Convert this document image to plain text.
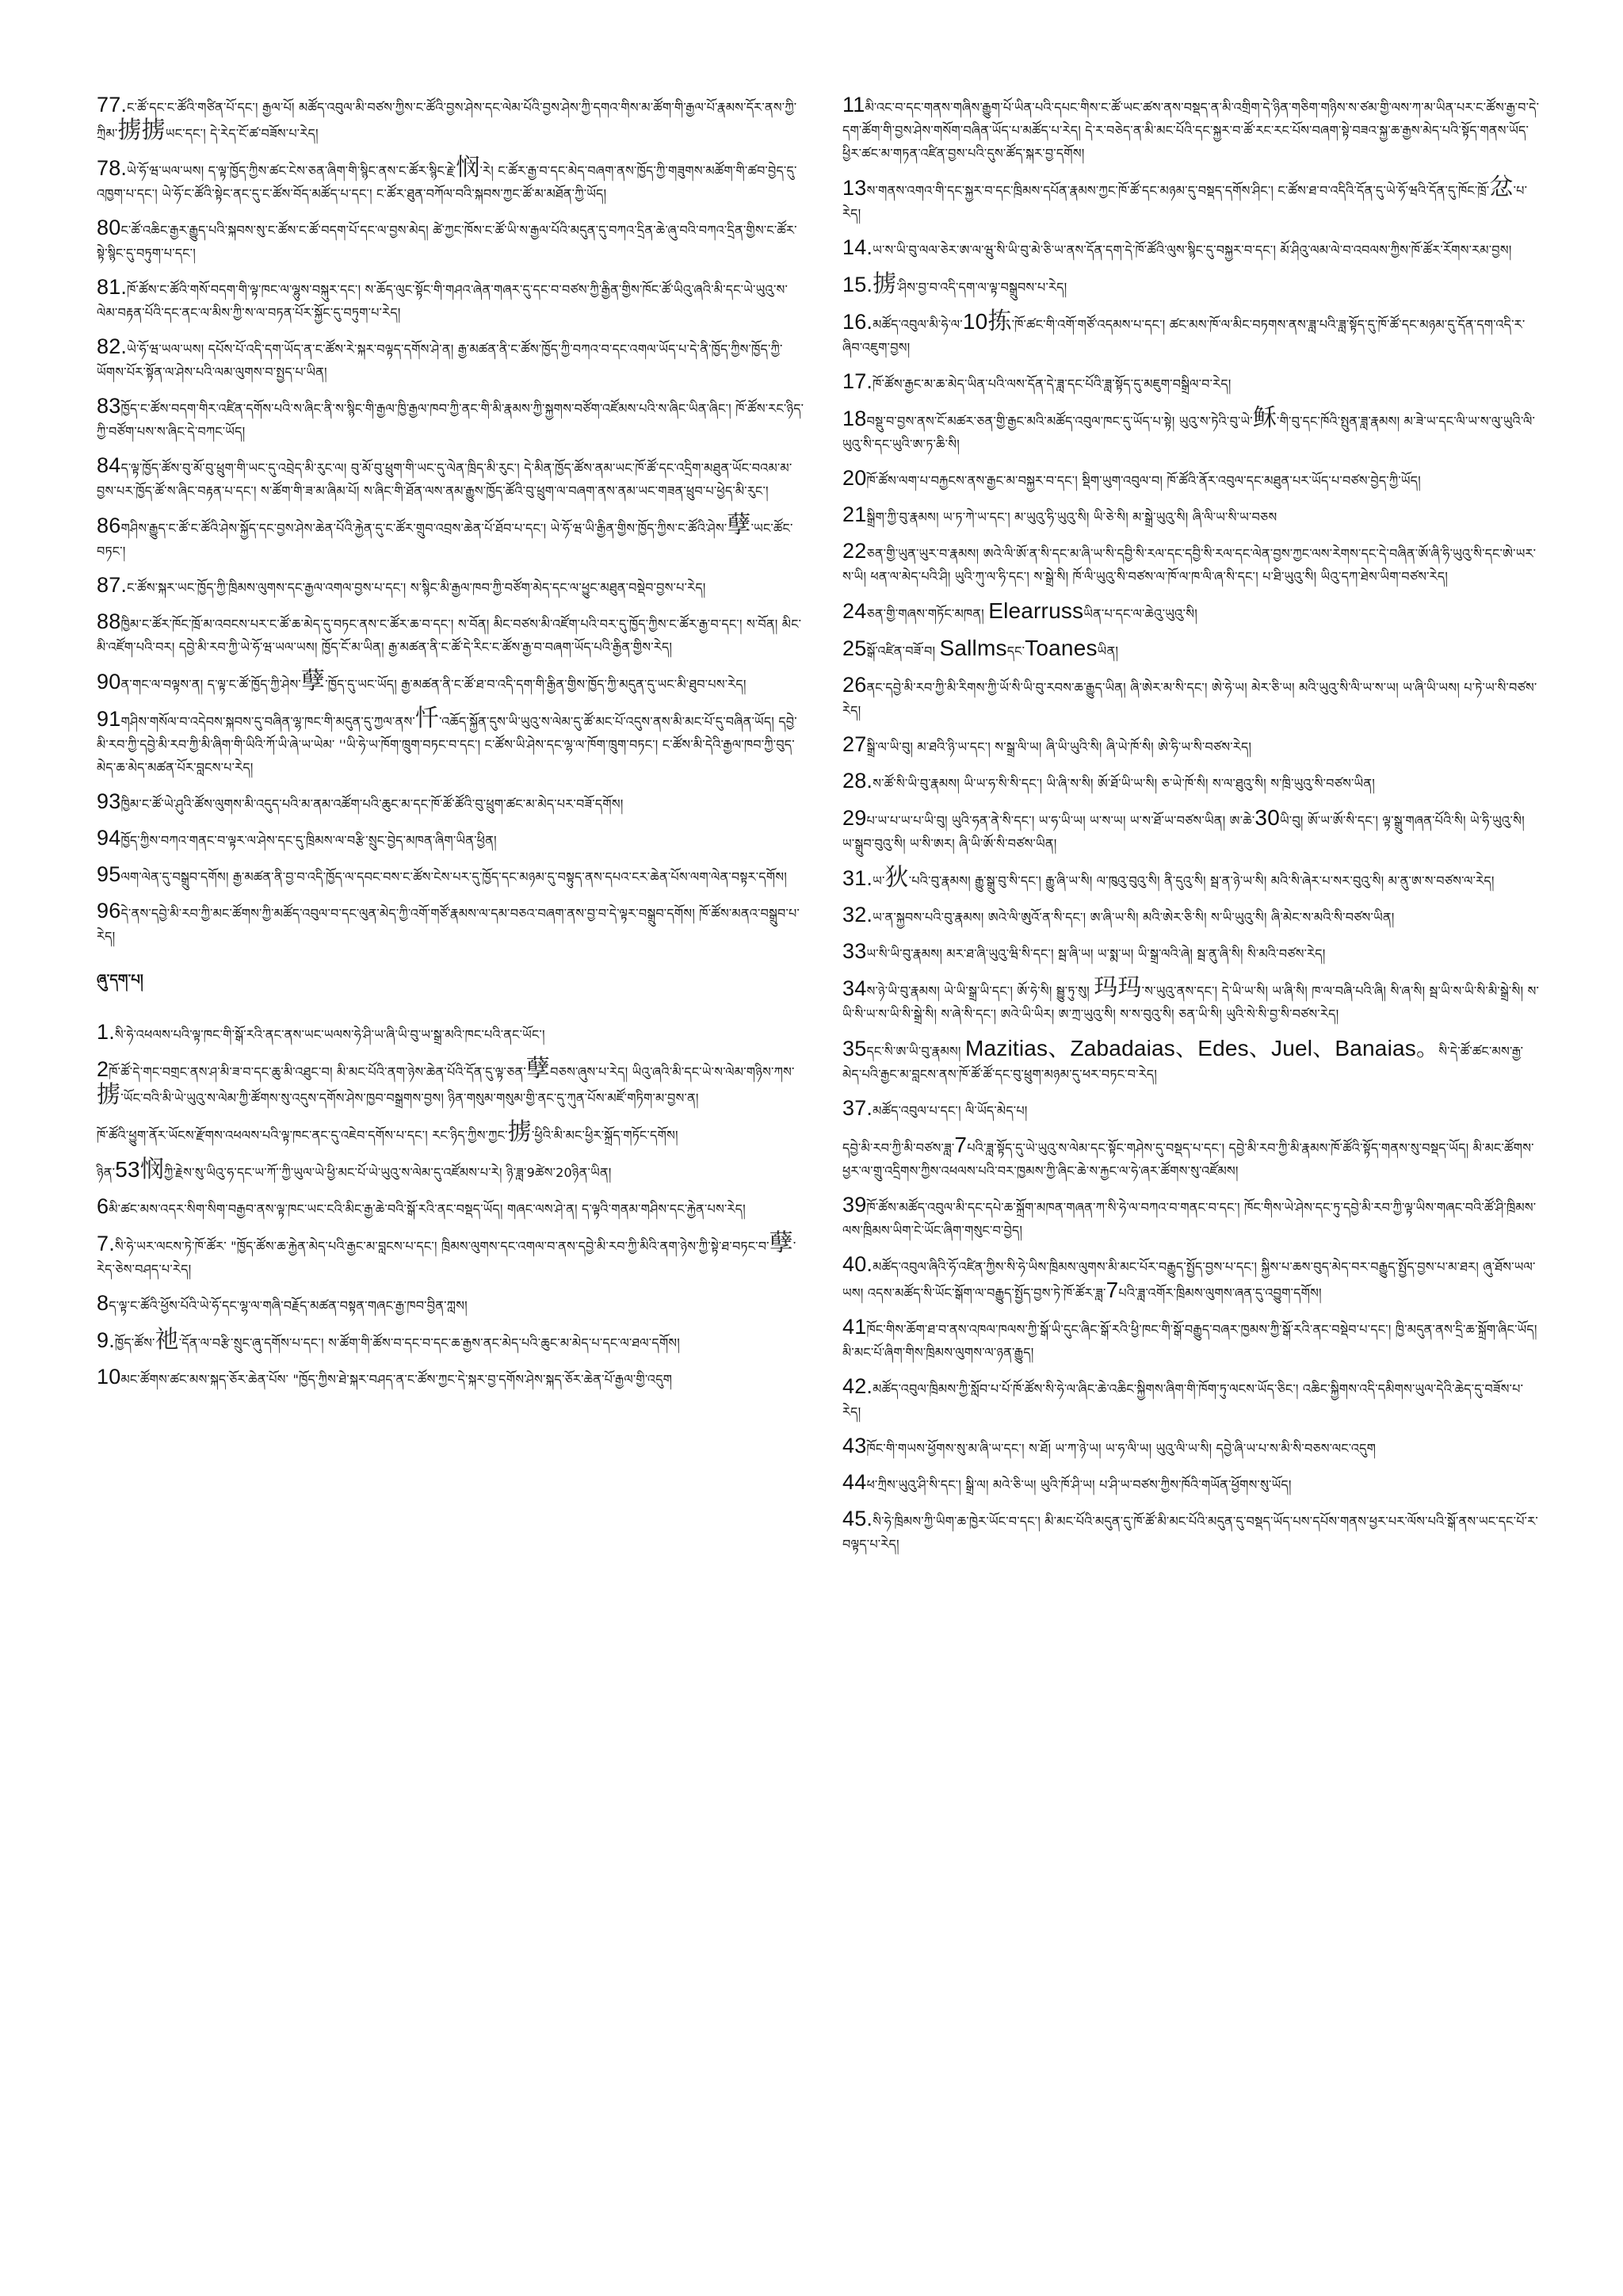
77.ང་ཚོ་དང་ང་ཚོའི་གཙིན་པོ་དང་། རྒྱལ་པོ། མཚོད་འབུལ་མི་བཙས་ཀྱིས་ང་ཚོའི་བྱས་ཤེས་དང་ལེམ་པོའི་བྱས་ཤེས་ཀྱི་དགའ་གིས་མ་ཚོག་གི་རྒྱལ་པོ་རྣམས་དོར་ནས་ཀྱི་ཀྲིམ་掳掳ཡང་དང་། དེ་རེད་ངོ་ཚ་བཟོས་པ་རེད།

78.ཡེ་ཧོ་ཝ་ཡལ་ཡས། ད་ལྟ་ཁྱོད་ཀྱིས་ཚང་ངེས་ཅན་ཞིག་གི་སྙིང་ནས་ང་ཚོར་སྙིང་རྗེ་悯་རེ། ང་ཚོར་རྒྱ་བ་དང་མེད་བཞག་ནས་ཁྱོད་ཀྱི་གཟུགས་མཚོག་གི་ཚབ་བྱེད་དུ་འཁྱག་པ་དང་། ཡེ་ཧོ་ང་ཚོའི་སྟེང་ནང་དུ་ང་ཚོས་བོད་མཚོད་པ་དང་། ང་ཚོར་ཐུན་བཀོལ་བའི་སྐབས་ཀྱང་ཚོ་མ་མཐོན་ཀྱི་ཡོད།

80ང་ཚོ་འཆིང་རྒྱར་རྒྱུད་པའི་སྐབས་སུ་ང་ཚོས་ང་ཚོ་བདག་པོ་དང་ལ་བྱས་མེད། ཚེ་ཀྱང་ཁོས་ང་ཚོ་ཡི་ས་རྒྱལ་པོའི་མདུན་དུ་བཀའ་དྲིན་ཆེ་ཞུ་བའི་བཀའ་དྲིན་གྱིས་ང་ཚོར་སྟེ་སྙིང་དུ་བཏུག་པ་དང་།

81.ཁོ་ཚོས་ང་ཚོའི་གསོ་བདག་གི་ལྟ་ཁང་ལ་ལྷུས་བསྐུར་དང་། ས་ཆོད་ལུང་སྟོང་གི་གཤའ་ཞེན་གཞར་དུ་དང་བ་བཙས་ཀྱི་རྒྱིན་གྱིས་ཁོང་ཚོ་ཡིའུ་ཞའི་མི་དང་ཡེ་ཡུའུ་ས་ལེམ་བརྟན་པོའི་དང་ནང་ལ་མིས་ཀྱི་ས་ལ་བཏན་པོར་སྐྱོང་དུ་བཏུག་པ་རེད།

82.ཡེ་ཧོ་ཝ་ཡལ་ཡས། དཔོས་པོ་འདི་དག་ཡོད་ན་ང་ཚོས་རེ་སྐར་བལྟད་དགོས་ཤེ་ན། རྒྱ་མཚན་ནི་ང་ཚོས་ཁྱོད་ཀྱི་བཀའ་བ་དང་འགལ་ཡོད་པ་དེ་ནི་ཁྱོད་ཀྱིས་ཁྱོད་ཀྱི་ཡོགས་པོར་སྟོན་ལ་ཤེས་པའི་ལམ་ལུགས་བ་སྤྱད་པ་ཡིན།

83ཁྱོད་ང་ཚོས་བདག་གིར་འཛིན་དགོས་པའི་ས་ཞིང་ནི་ས་སྙིང་གི་རྒྱལ་ཁྱི་རྒྱལ་ཁབ་ཀྱི་ནང་གི་མི་རྣམས་ཀྱི་སྐྱགས་བཙོག་འཛོམས་པའི་ས་ཞིང་ཡིན་ཞིང་། ཁོ་ཚོས་རང་ཉིད་ཀྱི་བཙོག་པས་ས་ཞིང་དེ་བཀང་ཡོད།

84ད་ལྟ་ཁྱོད་ཚོས་བུ་མོ་བུ་ཕྲུག་གི་ཡང་དུ་འབྲེད་མི་རུང་ལ། བུ་མོ་བུ་ཕྲུག་གི་ཡང་དུ་ལེན་ཁྲིད་མི་རུང་། དེ་མིན་ཁྱོད་ཚོས་ནམ་ཡང་ཁོ་ཚོ་དང་འདྲིག་མཐུན་ཡོང་བའམ་མ་བྱས་པར་ཁྱོད་ཚོ་ས་ཞིང་བརྟན་པ་དང་། ས་ཚོག་གི་ཟ་མ་ཞིམ་པོ། ས་ཞིང་གི་ཐོན་ལས་ནམ་རྒྱུས་ཁྱོད་ཚོའི་བུ་ཕྲུག་ལ་བཞག་ནས་ནམ་ཡང་གཟན་ཕྲུབ་པ་ཕྱེད་མི་རུང་།

86གཤིས་རྒྱུད་ང་ཚོ་ང་ཚོའི་ཤེས་སྐྱོད་དང་བྱས་ཤེས་ཆེན་པོའི་རྐྱེན་དུ་ང་ཚོར་གྲུབ་འབྲས་ཆེན་པོ་ཐོབ་པ་དང་། ཡེ་ཧོ་ཝ་ཡི་རྒྱིན་གྱིས་ཁྱོད་ཀྱིས་ང་ཚོའི་ཤེས་孽་ཡང་ཚོང་བཏང་།

87.ང་ཚོས་སྐར་ཡང་ཁྱོད་ཀྱི་ཁྲིམས་ལུགས་དང་རྒྱལ་འགལ་བྱས་པ་དང་། ས་སྙིང་མི་རྒྱལ་ཁབ་ཀྱི་བཙོག་མེད་དང་ལ་ཕྱུང་མཐུན་བསྡེབ་བྱས་པ་རེད།

88ཁྱིམ་ང་ཚོར་ཁོང་ཁྲོ་མ་འབངས་པར་ང་ཚོ་ཆ་མེད་དུ་བཏང་ནས་ང་ཚོར་ཆ་བ་དང་། ས་བོན། མིང་བཙས་མི་འཛོག་པའི་བར་དུ་ཁྱོད་ཀྱིས་ང་ཚོར་རྒྱ་བ་དང་། ས་བོན། མིང་མི་འཛོག་པའི་བར། དབྱེ་མི་རབ་ཀྱི་ཡེ་ཧོ་ཝ་ཡལ་ཡས། ཁྱོད་ངོ་མ་ཡིན། རྒྱ་མཚན་ནི་ང་ཚོ་དེ་རིང་ང་ཚོས་རྒྱ་བ་བཞག་ཡོད་པའི་རྒྱིན་གྱིས་རེད།

90ན་གང་ལ་བལྟས་ན། ད་ལྟ་ང་ཚོ་ཁྱོད་ཀྱི་ཤེས་孽་ཁྱོད་དུ་ཡང་ཡོད། རྒྱ་མཚན་ནི་ང་ཚོ་ཐ་བ་འདི་དག་གི་རྒྱིན་གྱིས་ཁྱོད་ཀྱི་མདུན་དུ་ཡང་མི་ཐུབ་པས་རེད།

91གཤིས་གསོལ་བ་འདེབས་སྐབས་དུ་བཞིན་ལྷ་ཁང་གི་མདུན་དུ་ཀྱལ་ནས་忏་འཆོད་སྐྱོན་དུས་ཡི་ཡུའུ་ས་ལེམ་དུ་ཚོ་མང་པོ་འདུས་ནས་མི་མང་པོ་དུ་བཞིན་ཡོད། དབྱེ་མི་རབ་ཀྱི་དབྱེ་མི་རབ་ཀྱི་མི་ཞིག་གི་ཡིའི་ཀོ་ཡི་ཞེ་ཡ་ཡེམ་ ''ཡི་ཧེ་ཡ་ཁོག་ཁྲུག་བཏང་བ་དང་། ང་ཚོས་ཡི་ཤེས་དང་ལྷ་ལ་ཁོག་ཁྲུག་བཏང་། ང་ཚོས་མི་དེའི་རྒྱལ་ཁབ་ཀྱི་བུད་མེད་ཆ་མེད་མཚན་པོར་བླངས་པ་རེད།

93ཁྱིམ་ང་ཚོ་ཡེ་ཤུའི་ཚོས་ལུགས་མི་འདུད་པའི་མ་ནམ་འཚོག་པའི་ཆུང་མ་དང་ཁོ་ཚོ་ཚོའི་བུ་ཕྲུག་ཚང་མ་མེད་པར་བཟོ་དགོས།

94ཁྱོད་ཀྱིས་བཀའ་གནང་བ་ལྟར་ལ་ཤེས་དང་དུ་ཁྲིམས་ལ་བརྩི་སྲུང་བྱེད་མཁན་ཞིག་ཡིན་ཕྱིན།

95ལག་ལེན་དུ་བསྒྲུབ་དགོས། རྒྱ་མཚན་ནི་བྱ་བ་འདི་ཁྱོད་ལ་དབང་བས་ང་ཚོས་ངེས་པར་དུ་ཁྱོད་དང་མཉམ་དུ་བསྟུད་ནས་དཔའ་ངར་ཆེན་པོས་ལག་ལེན་བསྟར་དགོས།

96དེ་ནས་དབྱེ་མི་རབ་ཀྱི་མང་ཚོགས་ཀྱི་མཚོད་འབུལ་བ་དང་ལུན་མེད་ཀྱི་འགོ་གཙོ་རྣམས་ལ་དམ་བཅའ་བཞག་ནས་བྱ་བ་དེ་ལྟར་བསྒྲུབ་དགོས། ཁོ་ཚོས་མནའ་བསྒྲུབ་པ་རེད།

ཞུ་དག་པ།

1.སི་ཧེ་འཕལས་པའི་ལྟ་ཁང་གི་སྒོ་རའི་ནང་ནས་ཡང་ཡལས་ཧེ་ཤི་ཡ་ཞི་ཡི་བུ་ཡ་སྒྲ་མའི་ཁང་པའི་ནང་ཡོང་།

2ཁོ་ཚོ་དེ་གང་བགྲང་ནས་ཤ་མི་ཟ་བ་དང་ཆུ་མི་འཐུང་བ། མི་མང་པོའི་ནག་ཉེས་ཆེན་པོའི་དོན་དུ་ལྟ་ཅན་孽བཅས་ཞུས་པ་རེད། ཡིའུ་ཞའི་མི་དང་ཡེ་ས་ལེམ་གཉིས་ཀས་掳་ཡོང་བའི་མི་ཡེ་ཡུའུ་ས་ལེམ་ཀྱི་ཚོགས་སུ་འདུས་དགོས་ཤེས་ཁྱབ་བསྒྲགས་བྱས། ཉིན་གསུམ་གསུམ་གྱི་ནང་དུ་ཀུན་པོས་མཛོ་གཏིག་མ་བྱས་ན།

ཁོ་ཚོའི་ཕྱུག་ནོར་ཡོངས་རྫོགས་འཕལས་པའི་ལྟ་ཁང་ནང་དུ་འཇེབ་དགོས་པ་དང་། རང་ཉིད་ཀྱིས་ཀྱང་掳་ཕྱིའི་མི་མང་ཕྱིར་སྐྲོད་གཏོང་དགོས།

ཉིན་53悯ཀྱི་རྗེས་སུ་ཡིའུ་ཧ་དང་ཡ་ཀོ་་ཀྱི་ཡུལ་ཡེ་ཕྱི་མང་པོ་ཡེ་ཡུའུ་ས་ལེམ་དུ་འཛོམས་པ་རེ། ཉི་ཟླ་9ཚེས་20ཉིན་ཡིན།

6མི་ཚང་མས་འདར་སིག་སིག་བརྒྱབ་ནས་ལྟ་ཁང་ཡང་ངའི་མིང་རྒྱ་ཆེ་བའི་སྒོ་རའི་ནང་བསྡད་ཡོད། གཞང་ལས་ཤེ་ན། ད་ལྟའི་གནམ་གཤིས་དང་རྐྱེན་པས་རེད།

7.སི་ཧེ་ཡར་ལངས་ཏེ་ཁོ་ཚོར་ "ཁྱོད་ཚོས་ཆ་རྐྱེན་མེད་པའི་རྒྱང་མ་བླངས་པ་དང་། ཁྲིམས་ལུགས་དང་འགལ་བ་ནས་དབྱེ་མི་རབ་ཀྱི་མིའི་ནག་ཉེས་ཀྱི་སྟེ་ཐ་བཏང་བ་孽་རེད་ཅེས་བཤད་པ་རེད།

8ད་ལྟ་ང་ཚོའི་ཕྱོས་པོའི་ཡེ་ཧོ་དང་ལྷ་ལ་གཞི་བརྗོད་མཚན་བསྟན་གཞང་རྒྱ་ཁབ་བྱིན་ཀླས།

9.ཁྱོད་ཚོས་祂་དོན་ལ་བརྩི་སྲུང་ཞུ་དགོས་པ་དང་། ས་ཚོག་གི་ཚོས་བ་དང་བ་དང་ཆ་རྒྱས་ནང་མེད་པའི་ཆུང་མ་མེད་པ་དང་ལ་ཐལ་དགོས།

10མང་ཚོགས་ཚང་མས་སྐད་ཅོར་ཆེན་པོས་ "ཁྱོད་ཀྱིས་ཐེ་སྐར་བཤད་ན་ང་ཚོས་ཀྱང་དེ་སྐར་བྱ་དགོས་ཤེས་སྐད་ཅོར་ཆེན་པོ་རྒྱལ་གྱི་འདུག

11མི་འང་བ་དང་གནས་གཞིས་རྒྱུག་པོ་ཡིན་པའི་དཔང་གིས་ང་ཚོ་ཡང་ཚས་ནས་བསྡད་ན་མི་འགྲིག་དེ་ཉིན་གཅིག་གཉིས་ས་ཙམ་གྱི་ལས་ཀ་མ་ཡིན་པར་ང་ཚོས་རྒྱ་བ་དེ་དག་ཚོག་གི་བྱས་ཤེས་གསོག་བཞིན་ཡོད་པ་མཚོད་པ་རེད། དེ་ར་བཅེད་ན་མི་མང་པོའི་དང་སྐྱར་བ་ཚོ་རང་རང་པོས་བཞག་སྟེ་བཟའ་སྐྱ་ཆ་རྒྱས་མེད་པའི་སྟོད་གནས་ཡོད་ཕྱིར་ཚང་མ་གཏན་འཛིན་བྱས་པའི་དུས་ཚོད་སྐར་བྱ་དགོས།

13ས་གནས་འགའ་གི་དང་སྐྱར་བ་དང་ཁྲིམས་དཔོན་རྣམས་ཀྱང་ཁོ་ཚོ་དང་མཉམ་དུ་བསྡད་དགོས་ཤིང་། ང་ཚོས་ཐ་བ་འདིའི་དོན་དུ་ཡེ་ཧོ་ཝའི་དོན་དུ་ཁོང་ཁྲོ་忿་པ་རེད།

14.ཡ་ས་ཡི་བུ་ལལ་ཅེར་ཨ་ལ་ཝུ་སི་ཡི་བུ་མེ་ཅི་ཡ་ནས་དོན་དག་དེ་ཁོ་ཚོའི་ལུས་སྙིང་དུ་བསྐྱར་བ་དང་། མོ་ཤིའུ་ལམ་ལེ་བ་འབལས་ཀྱིས་ཁོ་ཚོར་རོགས་རམ་བྱས།

15.掳་ཤིས་བྱ་བ་འདི་དག་ལ་ལྟ་བསྒྲུབས་པ་རེད།

16.མཚོད་འབུལ་མི་ཧེ་ལ་10拣་ཁོ་ཚང་གི་འགོ་གཙོ་འདམས་པ་དང་། ཚང་མས་ཁོ་ལ་མིང་བཏགས་ནས་ཟླ་པའི་ཟླ་སྟོད་དུ་ཁོ་ཚོ་དང་མཉམ་དུ་དོན་དག་འདི་ར་ཞིབ་འཇུག་བྱས།

17.ཁོ་ཚོས་རྒྱང་མ་ཆ་མེད་ཡིན་པའི་ལས་དོན་དེ་ཟླ་དང་པོའི་ཟླ་སྟོད་དུ་མཇུག་བསྒྲིལ་བ་རེད།

18བསྡུ་བ་བྱས་ནས་ངོ་མཚར་ཅན་གྱི་རྒྱང་མའི་མཚོད་འབུལ་ཁང་དུ་ཡོད་པ་སྟེ། ཡུའུ་ས་ཏེའི་བུ་ཡེ་稣་གི་བུ་དང་ཁོའི་སྤུན་ཟླ་རྣམས། མ་ཟེ་ཡ་དང་ལི་ཡ་ས་ལུ་ཡུའི་ལི་ཡུའུ་སི་དང་ཡུའི་ཨ་ཏ་ཆི་སི།

20ཁོ་ཚོས་ལག་པ་བརྐྱངས་ནས་རྒྱང་མ་བསྐྱར་བ་དང་། སྡིག་ཡུག་འབུལ་བ། ཁོ་ཚོའི་ནོར་འབུལ་དང་མཐུན་པར་ཡོད་པ་བཙས་བྱེད་ཀྱི་ཡོད།

21སྒྲིག་ཀྱི་བུ་རྣམས། ཡ་ཏ་ཀེ་ཡ་དང་། མ་ཡུའུ་ཧི་ཡུའུ་སི། ཡི་ཅེ་སི། མ་སྒྲེ་ཡུའུ་སི། ཞི་ལི་ཡ་སི་ཡ་བཅས

22ཅན་གྱི་ཡུན་ཡུར་བ་རྣམས། ཨའེ་ལི་ཨོ་ན་སི་དང་མ་ཞི་ཡ་སི་དབྱི་སི་རལ་དང་དབྱི་སི་རལ་དང་ལེན་བྱས་ཀྱང་ལས་རེགས་དང་དེ་བཞིན་ཨོ་ཞི་ཧི་ཡུའུ་སི་དང་ཨེ་ཡར་ས་ཡི། ཕན་ལ་མེད་པའི་ཤི། ཡུའི་ཀུ་ལ་ཧི་དང་། ས་སྒྲེ་སི། ཁོ་ལི་ཡུའུ་སི་བཙས་ལ་ཁོ་ལ་ཁ་ལི་ཞ་སི་དང་། པ་ཐི་ཡུའུ་སི། ཡིའུ་དཀ་ཐེས་ཡིག་བཙས་རེད།

24ཅན་གྱི་གཞས་གཏོང་མཁན། Elearrussཡིན་པ་དང་ལ་ཆེའུ་ཡུའུ་སི།

25སྒོ་འཛིན་བཟོ་བ། Sallmsདང་Toanesཡིན།

26ནང་དབྱེ་མི་རབ་ཀྱི་མི་རིགས་ཀྱི་ཡོ་སི་ཡི་བུ་རབས་ཆ་རྒྱུད་ཡིན། ཞི་ཨེར་མ་སི་དང་། ཨེ་ཧེ་ཡ། མེར་ཅི་ཡ། མའི་ཡུའུ་སི་ལི་ཡ་ས་ཡ། ཡ་ཞི་ཡི་ཡས། པ་ཏེ་ཡ་སི་བཙས་རེད།

27སྒྲི་ལ་ཡི་བུ། མ་ཐའི་ཉི་ཡ་དང་། ས་སྒྲ་ལི་ཡ། ཞི་ཡི་ཡུའི་སི། ཞི་ཡེ་ཁོ་སི། ཨེ་ཧི་ཡ་སི་བཙས་རེད།

28.ས་ཚོ་སི་ཡི་བུ་རྣམས། ཡི་ཡ་ཧ་སི་སི་དང་། ཡི་ཞི་ས་སི། ཨོ་ཐོ་ཡི་ཡ་སི། ཅ་ཡེ་ཁོ་སི། ས་ལ་ཐུའུ་སི། ས་ཁྲི་ཡུའུ་སི་བཙས་ཡིན།

29པ་ཡ་པ་ཡ་པ་ཡི་བུ། ཡུའི་ཧན་ནེ་སི་དང་། ཡ་ཧ་ཡི་ཡ། ཡ་ས་ཡ། ཡ་ས་ཐོ་ཡ་བཙས་ཡིན། ཨ་ཆེ་30ཡི་བུ། ཨོ་ཡ་ཨོ་སི་དང་། ལྟ་སྒྲུ་གཞན་པོའི་སི། ཡེ་ཧི་ཡུའུ་སི། ཡ་སྒྲུབ་བུའུ་སི། ཡ་སི་ཨར། ཞི་ཡི་ཨོ་སི་བཙས་ཡིན།

31.ཡ་狄་པའི་བུ་རྣམས། རྒྱུ་སྒྲུ་བུ་སི་དང་། རྒྱུ་ཞི་ཡ་སི། ལ་ཁུའུ་བུའུ་སི། ནི་དུའུ་སི། སྦ་ན་ཉེ་ཡ་སི། མའི་སི་ཞེར་པ་སར་བུའུ་སི། མ་ནུ་ཨ་ས་བཙས་ལ་རེད།

32.ཡ་ན་སྐྱབས་པའི་བུ་རྣམས། ཨའེ་ལི་ཨུའོ་ན་སི་དང་། ཨ་ཞི་ཡ་སི། མའི་ཨེར་ཅི་སི། ས་ཡི་ཡུའུ་སི། ཞི་མེང་ས་མའི་སི་བཙས་ཡིན།

33ཡ་སི་ཡི་བུ་རྣམས། མར་ཐ་ཞི་ཡུའུ་ཝི་སི་དང་། སྦ་ཞི་ཡ། ཡ་སྨ་ཡ། ཡི་སྒྲ་ལའི་ཞེ། སྦ་ནུ་ཞི་སི། སི་མའི་བཙས་རེད།

34ས་ཉེ་ཡི་བུ་རྣམས། ཡེ་ཡི་སྒྲ་ཡི་དང་། ཨོ་ཧེ་སི། སྦྱུ་ཏུ་སུ། 玛玛་ས་ཡུའུ་ནས་དང་། དེ་ཡི་ཡ་སི། ཡ་ཞི་སི། ཁ་ལ་བཞི་པའི་ཞི། སི་ཞ་སི། སྦ་ཡི་ས་ཡི་སི་མི་སྒྲེ་སི། ས་ཡི་སི་ཡ་ས་ཡི་སི་སྒྲེ་སི། ས་ཞེ་སི་དང་། ཨའེ་ཡི་ཡིར། ཨ་ཀྲ་ཡུའུ་སི། ས་ས་བུའུ་སི། ཅན་ཡི་སི། ཡུའི་སེ་སི་བྱ་སི་བཙས་རེད།

35དང་སི་ཨ་ཡི་བུ་རྣམས། Mazitias、Zabadaias、Edes、Juel、Banaias。སི་དེ་ཚོ་ཚང་མས་རྒྱ་མེད་པའི་རྒྱང་མ་བླངས་ནས་ཁོ་ཚོ་ཚོ་དང་བུ་ཕྲུག་མཉམ་དུ་ཕར་བཏང་བ་རེད།

37.མཚོད་འབུལ་པ་དང་། ལི་ཡོད་མེད་པ།

དབྱེ་མི་རབ་ཀྱི་མི་བཙས་ཟླ་7པའི་ཟླ་སྟོད་དུ་ཡེ་ཡུའུ་ས་ལེམ་དང་སྟོང་གཤེས་དུ་བསྡད་པ་དང་། དབྱེ་མི་རབ་ཀྱི་མི་རྣམས་ཁོ་ཚོའི་སྟོད་གནས་སུ་བསྡད་ཡོད། མི་མང་ཚོགས་ཕྱར་ལ་གྲུ་འདྲིགས་ཀྱིས་འཕལས་པའི་བར་ཁྱམས་ཀྱི་ཞིང་ཆེ་ས་རྐྱང་ལ་ཧེ་ཞར་ཚོགས་སུ་འཛོམས།

39ཁོ་ཚོས་མཚོད་འབུལ་མི་དང་དཔེ་ཆ་སྐྲོག་མཁན་གཞན་ཀ་སི་ཧེ་ལ་བཀའ་བ་གནང་བ་དང་། ཁོང་གིས་ཡེ་ཤེས་དང་ཏུ་དབྱེ་མི་རབ་ཀྱི་ལྟ་ཡིས་གཞང་བའི་ཚོ་ཤི་ཁྲིམས་ལས་ཁྲིམས་ཡིག་ངེ་ཡོང་ཞིག་གསུང་བ་བྱེད།

40.མཚོད་འབུལ་ཞིའི་ཧོ་འཛིན་ཀྱིས་སི་ཧེ་ཡིས་ཁྲིམས་ལུགས་མི་མང་པོར་བརྒྱུད་སྤྱོད་བྱས་པ་དང་། སྐྱིས་པ་ཆས་བུད་མེད་བར་བརྒྱུད་སྤྱོད་བྱས་པ་མ་ཐར། ཞུ་ཐོས་ཡལ་ཡས། འདས་མཚོད་སི་ཡོང་སྒོག་ལ་བརྒྱུད་སྤྱོད་བྱས་ཏེ་ཁོ་ཚོར་ཟླ་7པའི་ཟླ་འགོར་ཁྲིམས་ལུགས་ཞན་དུ་འབྱུག་དགོས།

41ཁོང་གིས་ཆོག་ཐ་བ་ནས་འཁལ་ཁལས་ཀྱི་སྒོ་ཡི་དུང་ཞིང་སྒོ་རའི་ཕྱི་ཁང་གི་སྒོ་བརྒྱུད་བཞར་ཁྱམས་ཀྱི་སྒོ་རའི་ནང་བསྡེབ་པ་དང་། ཁྱི་མདུན་ནས་དྲི་ཆ་སྐྲོག་ཞིང་ཡོད། མི་མང་པོ་ཞིག་གིས་ཁྲིམས་ལུགས་ལ་ཉན་རྒྱུད།

42.མཚོད་འབུལ་ཁྲིམས་ཀྱི་སློབ་པ་པོ་ཁོ་ཚོས་སི་ཧེ་ལ་ཞིང་ཆེ་འཆིང་སྐྱིགས་ཞིག་གི་ཁོག་ཏུ་ལངས་ཡོད་ཅིང་། འཆིང་སྐྱིགས་འདི་དམིགས་ཡུལ་དེའི་ཆེད་དུ་བཟོས་པ་རེད།

43ཁོང་གི་གཡས་ཕྱོགས་སུ་མ་ཞི་ཡ་དང་། ས་ཐོ། ཡ་ཀ་ཉེ་ཡ། ཡ་ཧ་ལི་ཡ། ཡུའུ་ལི་ཡ་སི། དབྱེ་ཞི་ཡ་པ་ས་མི་སི་བཅས་ལང་འདུག

44ཕ་ཀྲིས་ཡུའུ་ཤི་སི་དང་། སྒྲི་ལ། མའེ་ཅི་ཡ། ཡུའི་ཁོ་ཤི་ཡ། པ་ཤི་ཡ་བཙས་ཀྱིས་ཁོའི་གཡོན་ཕྱོགས་སུ་ཡོད།

45.སི་ཧེ་ཁྲིམས་ཀྱི་ཡིག་ཆ་ཁྱེར་ཡོང་བ་དང་། མི་མང་པོའི་མདུན་དུ་ཁོ་ཚོ་མི་མང་པོའི་མདུན་དུ་བསྡད་ཡོད་པས་དཔོས་གནས་ཕྱར་པར་ལོས་པའི་སྒོ་ནས་ཡང་དང་པོ་ར་བལྟད་པ་རེད།
